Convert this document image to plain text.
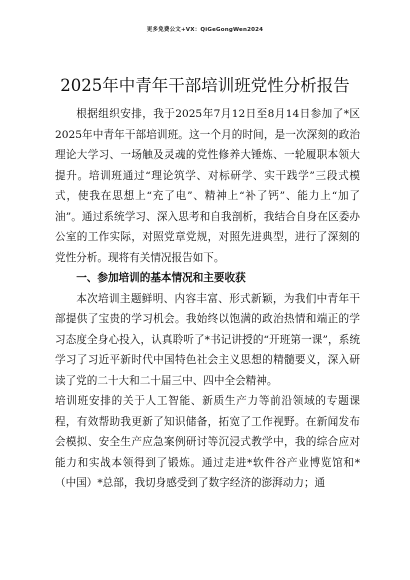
更多免费公文+VX：QiGeGongWen2024
2025年中青年干部培训班党性分析报告

根据组织安排，我于2025年7月12日至8月14日参加了*区2025年中青年干部培训班。这一个月的时间，是一次深刻的政治理论大学习、一场触及灵魂的党性修养大锤炼、一轮履职本领大提升。培训班通过“理论筑学、对标研学、实干践学”三段式模式，使我在思想上“充了电”、精神上“补了钙”、能力上“加了油”。通过系统学习、深入思考和自我剖析，我结合自身在区委办公室的工作实际，对照党章党规，对照先进典型，进行了深刻的党性分析。现将有关情况报告如下。

一、参加培训的基本情况和主要收获

本次培训主题鲜明、内容丰富、形式新颖，为我们中青年干部提供了宝贵的学习机会。我始终以饱满的政治热情和端正的学习态度全身心投入，认真聆听了*书记讲授的“开班第一课”，系统学习了习近平新时代中国特色社会主义思想的精髓要义，深入研读了党的二十大和二十届三中、四中全会精神。

培训班安排的关于人工智能、新质生产力等前沿领域的专题课程，有效帮助我更新了知识储备，拓宽了工作视野。在新闻发布会模拟、安全生产应急案例研讨等沉浸式教学中，我的综合应对能力和实战本领得到了锻炼。通过走进*软件谷产业博览馆和*（中国）*总部，我切身感受到了数字经济的澎湃动力；通
